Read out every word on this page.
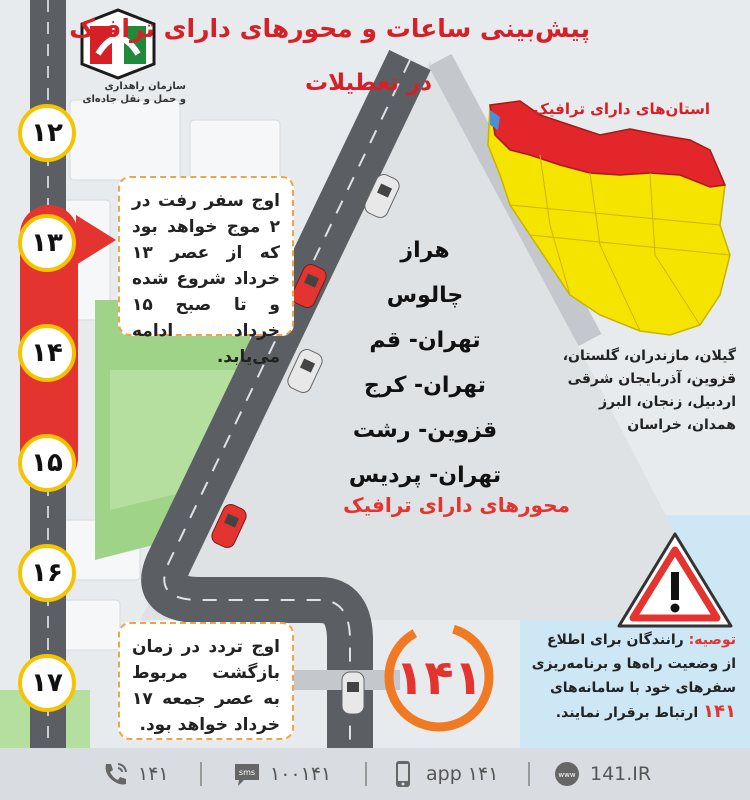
سازمان راهداری
و حمل و نقل جاده‌ای
پیش‌بینی ساعات و محورهای دارای ترافیک
در تعطیلات
۱۲
۱۳
۱۴
۱۵
۱۶
۱۷
اوج سفر رفت در ۲ موج خواهد بود که از عصر ۱۳ خرداد شروع شده و تا صبح ۱۵ خرداد ادامه می‌یابد.
اوج تردد در زمان بازگشت مربوط به عصر جمعه ۱۷ خرداد خواهد بود.
هراز
چالوس
تهران- قم
تهران- کرج
قزوین- رشت
تهران- پردیس
محورهای دارای ترافیک
استان‌های دارای ترافیک
گیلان، مازندران، گلستان،
قزوین، آذربایجان شرقی
اردبیل، زنجان، البرز
همدان، خراسان
۱۴۱
توصیه: رانندگان برای اطلاع
از وضعیت راه‌ها و برنامه‌ریزی
سفرهای خود با سامانه‌های
۱۴۱ ارتباط برقرار نمایند.
۱۴۱	sms ۱۰۰۱۴۱	app ۱۴۱	www 141.IR
